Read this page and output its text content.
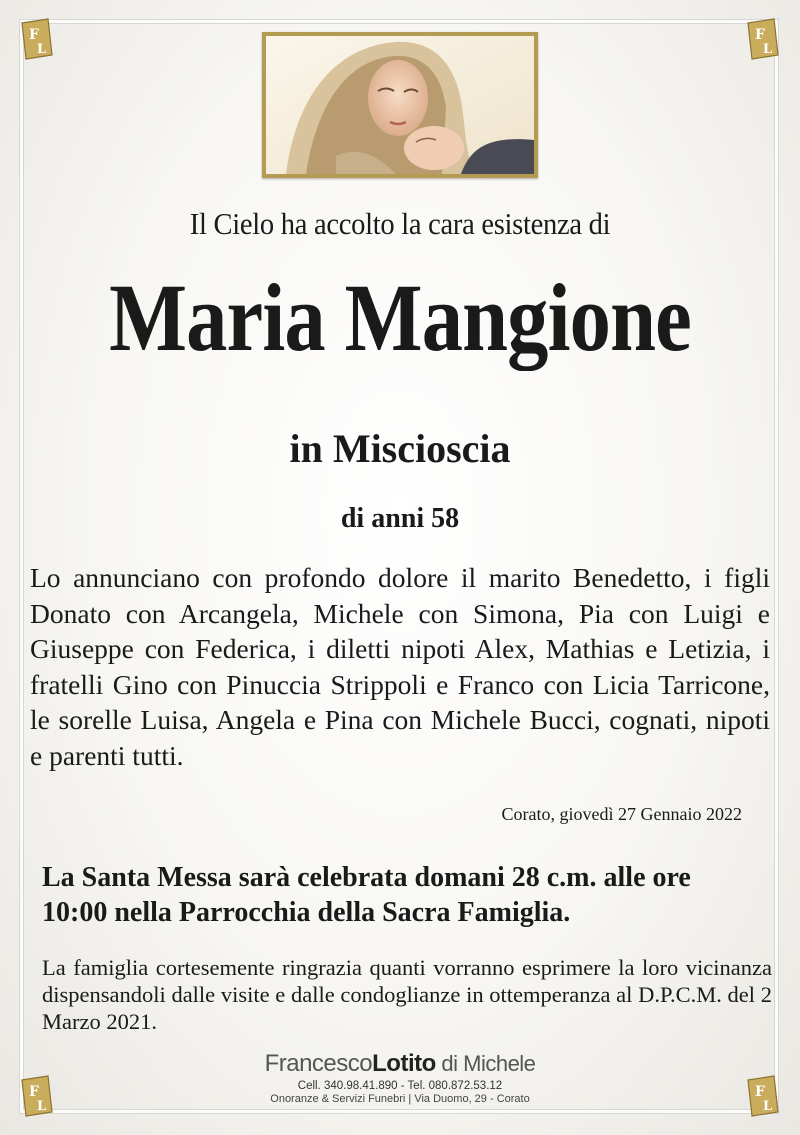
F
L
F
L
F
L
F
L
Il Cielo ha accolto la cara esistenza di
Maria Mangione
in Miscioscia
di anni 58

Lo annunciano con profondo dolore il marito Benedetto, i figli Donato con Arcangela, Michele con Simona, Pia con Luigi e Giuseppe con Federica, i diletti nipoti Alex, Mathias e Letizia, i fratelli Gino con Pinuccia Strippoli e Franco con Licia Tarricone, le sorelle Luisa, Angela e Pina con Michele Bucci, cognati, nipoti e parenti tutti.

Corato, giovedì 27 Gennaio 2022
La Santa Messa sarà celebrata domani 28 c.m. alle ore 10:00 nella Parrocchia della Sacra Famiglia.
La famiglia cortesemente ringrazia quanti vorranno esprimere la loro vicinanza dispensandoli dalle visite e dalle condoglianze in ottemperanza al D.P.C.M. del 2 Marzo 2021.
FrancescoLotito di Michele
Cell. 340.98.41.890 - Tel. 080.872.53.12
Onoranze & Servizi Funebri | Via Duomo, 29 - Corato
